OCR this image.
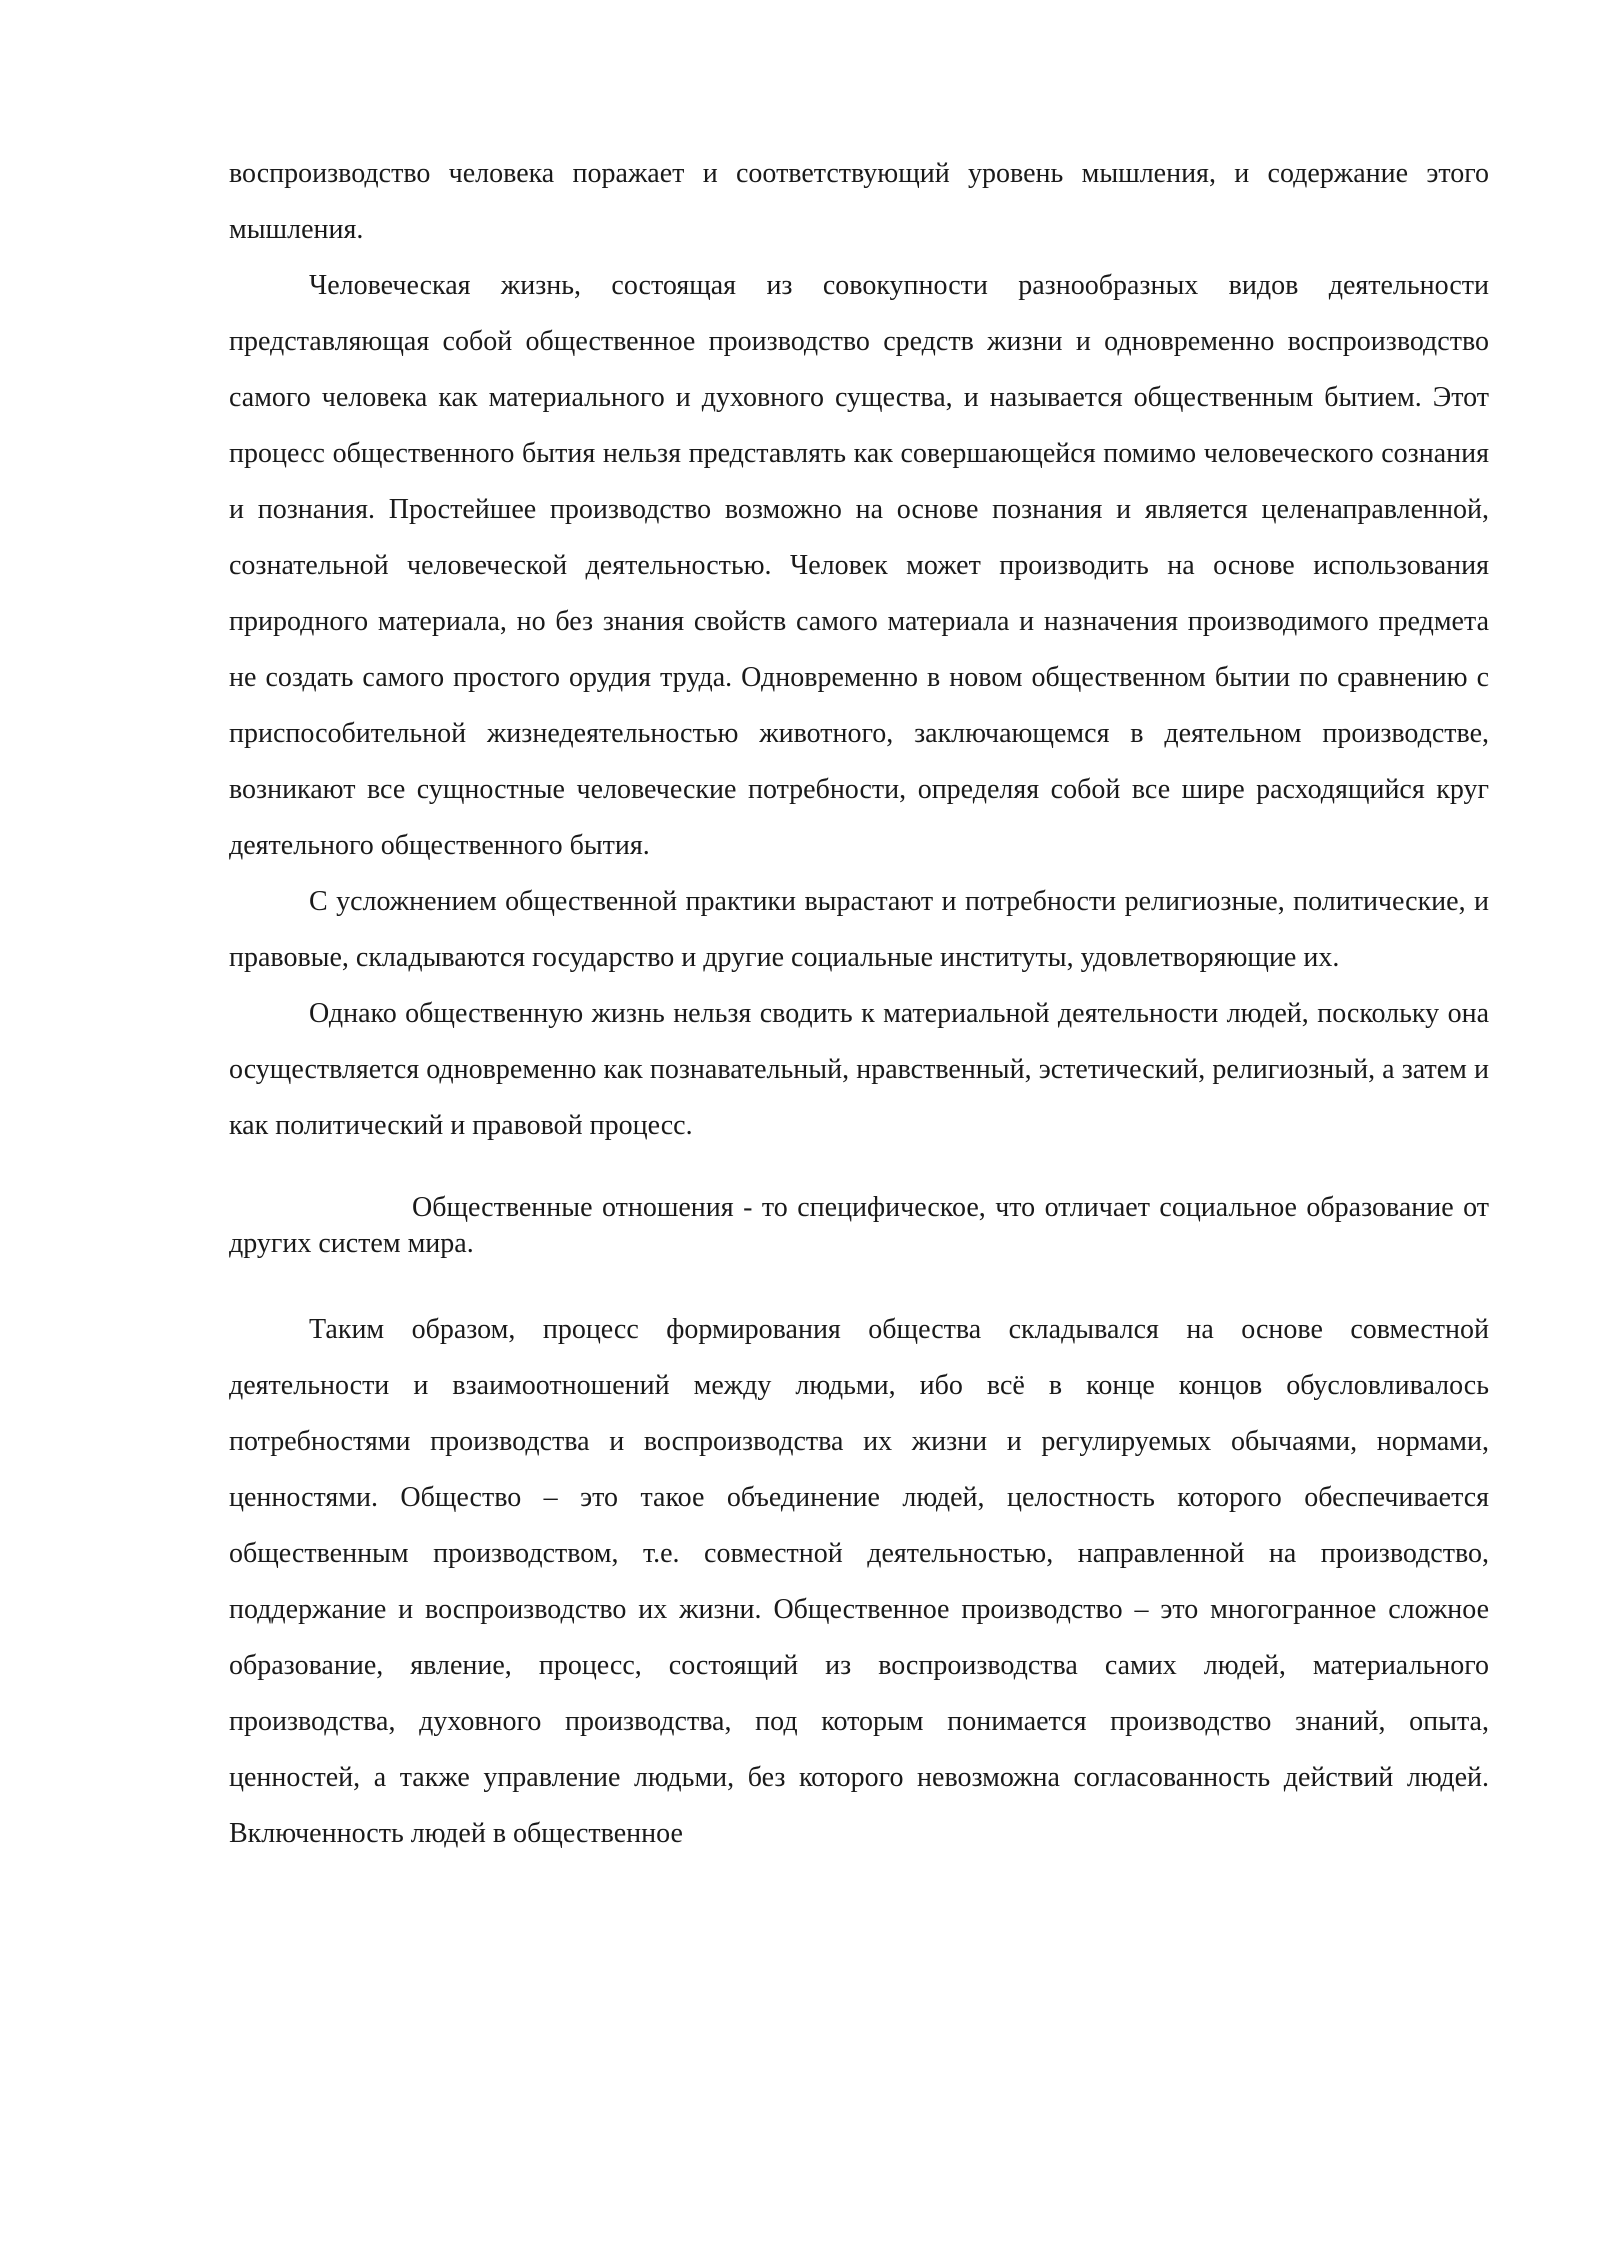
воспроизводство человека поражает и соответствующий уровень мышления, и содержание этого мышления.

Человеческая жизнь, состоящая из совокупности разнообразных видов деятельности представляющая собой общественное производство средств жизни и одновременно воспроизводство самого человека как материального и духовного существа, и называется общественным бытием. Этот процесс общественного бытия нельзя представлять как совершающейся помимо человеческого сознания и познания. Простейшее производство возможно на основе познания и является целенаправленной, сознательной человеческой деятельностью. Человек может производить на основе использования природного материала, но без знания свойств самого материала и назначения производимого предмета не создать самого простого орудия труда. Одновременно в новом общественном бытии по сравнению с приспособительной жизнедеятельностью животного, заключающемся в деятельном производстве, возникают все сущностные человеческие потребности, определяя собой все шире расходящийся круг деятельного общественного бытия.

С усложнением общественной практики вырастают и потребности религиозные, политические, и правовые, складываются государство и другие социальные институты, удовлетворяющие их.

Однако общественную жизнь нельзя сводить к материальной деятельности людей, поскольку она осуществляется одновременно как познавательный, нравственный, эстетический, религиозный, а затем и как политический и правовой процесс.

Общественные отношения - то специфическое, что отличает социальное образование от других систем мира.

Таким образом, процесс формирования общества складывался на основе совместной деятельности и взаимоотношений между людьми, ибо всё в конце концов обусловливалось потребностями производства и воспроизводства их жизни и регулируемых обычаями, нормами, ценностями. Общество – это такое объединение людей, целостность которого обеспечивается общественным производством, т.е. совместной деятельностью, направленной на производство, поддержание и воспроизводство их жизни. Общественное производство – это многогранное сложное образование, явление, процесс, состоящий из воспроизводства самих людей, материального производства, духовного производства, под которым понимается производство знаний, опыта, ценностей, а также управление людьми, без которого невозможна согласованность действий людей. Включенность людей в общественное
